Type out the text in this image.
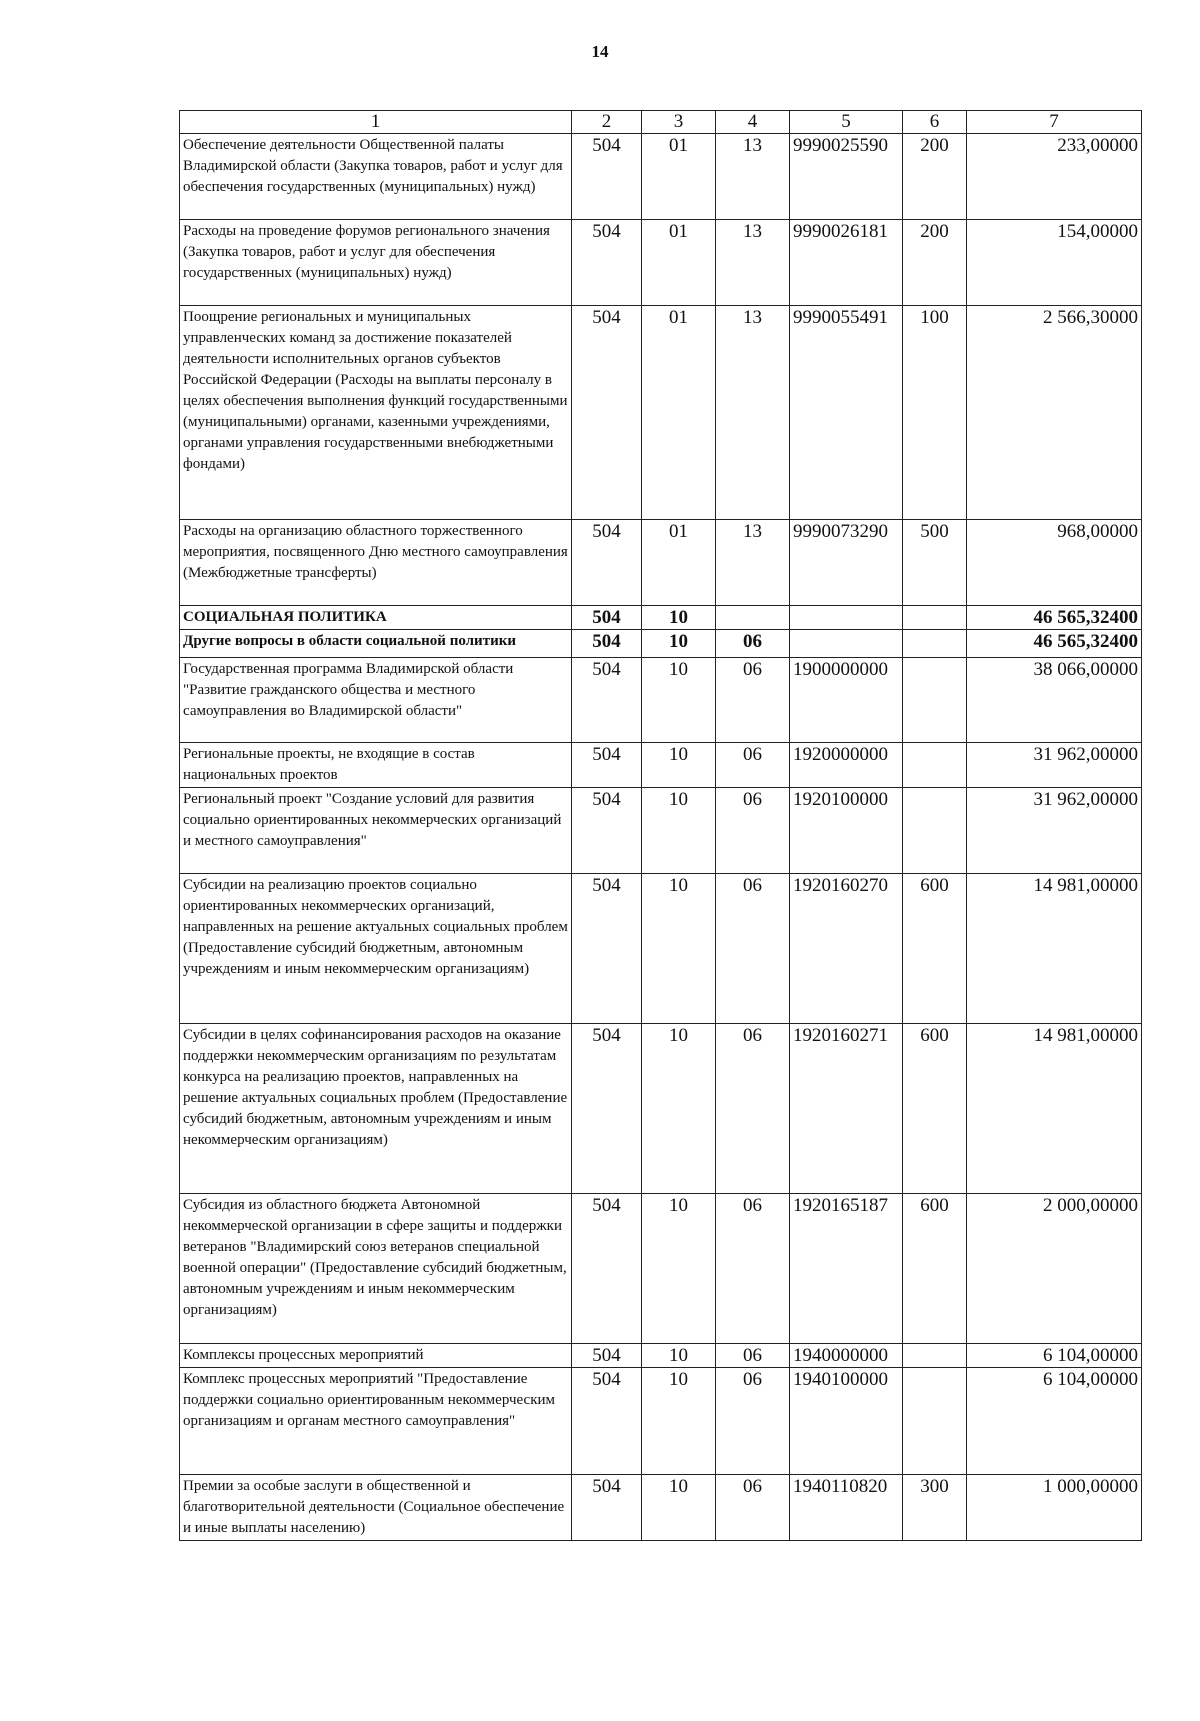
14
1	2	3	4	5	6	7
Обеспечение деятельности Общественной палаты Владимирской области (Закупка товаров, работ и услуг для обеспечения государственных (муниципальных) нужд)	504	01	13	9990025590	200	233,00000
Расходы на проведение форумов регионального значения (Закупка товаров, работ и услуг для обеспечения государственных (муниципальных) нужд)	504	01	13	9990026181	200	154,00000
Поощрение региональных и муниципальных управленческих команд за достижение показателей деятельности исполнительных органов субъектов Российской Федерации (Расходы на выплаты персоналу в целях обеспечения выполнения функций государственными (муниципальными) органами, казенными учреждениями, органами управления государственными внебюджетными фондами)	504	01	13	9990055491	100	2 566,30000
Расходы на организацию областного торжественного мероприятия, посвященного Дню местного самоуправления (Межбюджетные трансферты)	504	01	13	9990073290	500	968,00000
СОЦИАЛЬНАЯ ПОЛИТИКА	504	10				46 565,32400
Другие вопросы в области социальной политики	504	10	06			46 565,32400
Государственная программа Владимирской области "Развитие гражданского общества и местного самоуправления во Владимирской области"	504	10	06	1900000000		38 066,00000
Региональные проекты, не входящие в состав национальных проектов	504	10	06	1920000000		31 962,00000
Региональный проект "Создание условий для развития социально ориентированных некоммерческих организаций и местного самоуправления"	504	10	06	1920100000		31 962,00000
Субсидии на реализацию проектов социально ориентированных некоммерческих организаций, направленных на решение актуальных социальных проблем (Предоставление субсидий бюджетным, автономным учреждениям и иным некоммерческим организациям)	504	10	06	1920160270	600	14 981,00000
Субсидии в целях софинансирования расходов на оказание поддержки некоммерческим организациям по результатам конкурса на реализацию проектов, направленных на решение актуальных социальных проблем (Предоставление субсидий бюджетным, автономным учреждениям и иным некоммерческим организациям)	504	10	06	1920160271	600	14 981,00000
Субсидия из областного бюджета Автономной некоммерческой организации в сфере защиты и поддержки ветеранов "Владимирский союз ветеранов специальной военной операции" (Предоставление субсидий бюджетным, автономным учреждениям и иным некоммерческим организациям)	504	10	06	1920165187	600	2 000,00000
Комплексы процессных мероприятий	504	10	06	1940000000		6 104,00000
Комплекс процессных мероприятий "Предоставление поддержки социально ориентированным некоммерческим организациям и органам местного самоуправления"	504	10	06	1940100000		6 104,00000
Премии за особые заслуги в общественной и благотворительной деятельности (Социальное обеспечение и иные выплаты населению)	504	10	06	1940110820	300	1 000,00000
